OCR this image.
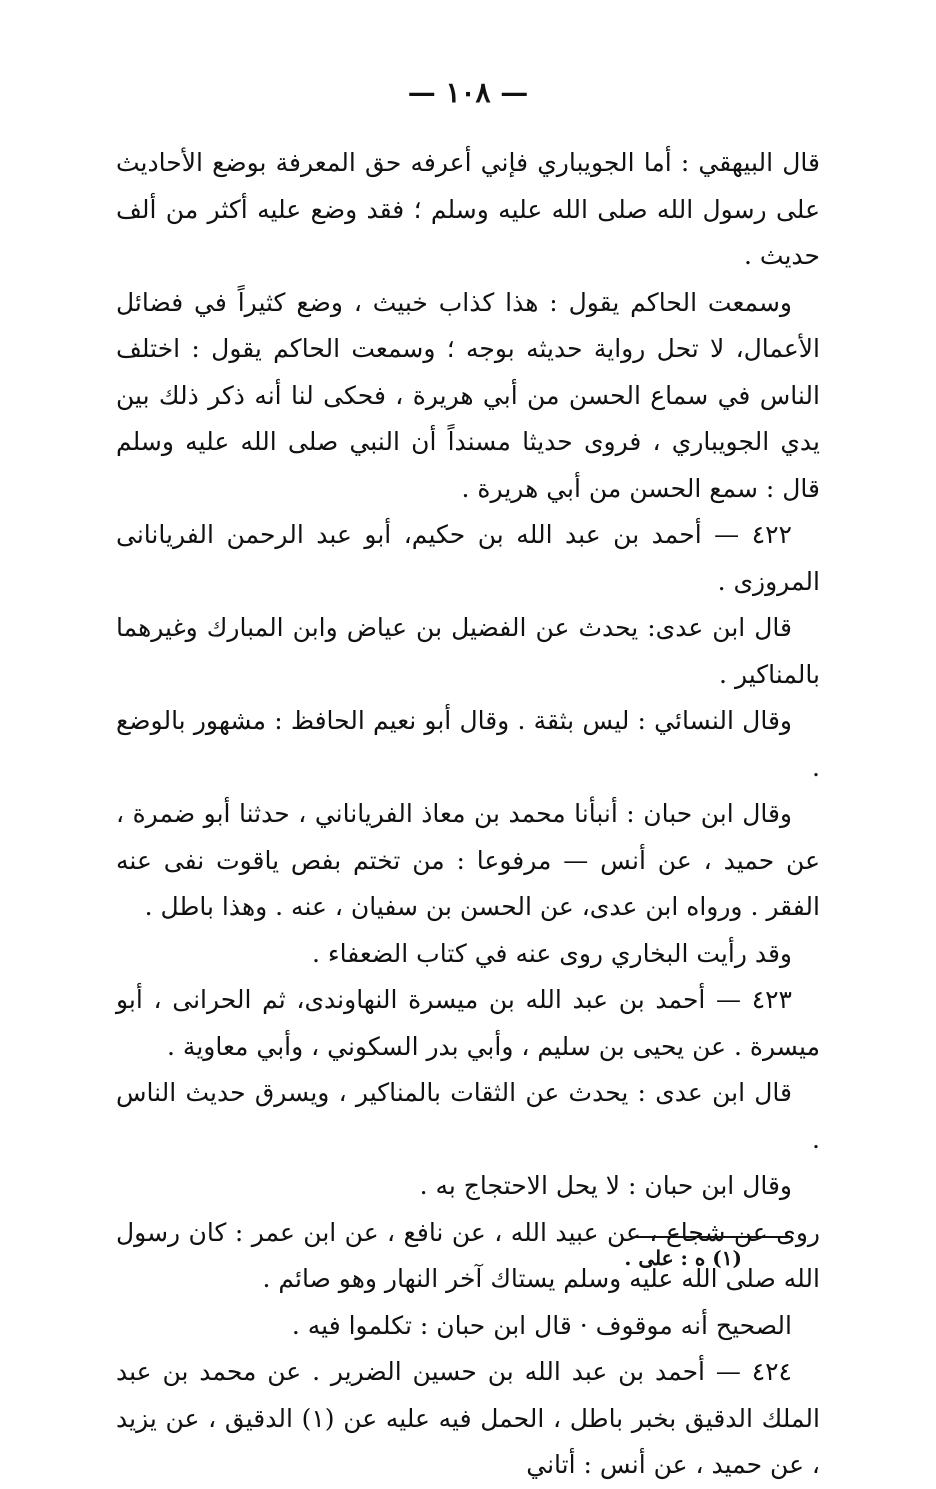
— ١٠٨ —

قال البيهقي : أما الجويباري فإني أعرفه حق المعرفة بوضع الأحاديث على رسول الله صلى الله عليه وسلم ؛ فقد وضع عليه أكثر من ألف حديث .

وسمعت الحاكم يقول : هذا كذاب خبيث ، وضع كثيراً في فضائل الأعمال، لا تحل رواية حديثه بوجه ؛ وسمعت الحاكم يقول : اختلف الناس في سماع الحسن من أبي هريرة ، فحكى لنا أنه ذكر ذلك بين يدي الجويباري ، فروى حديثا مسنداً أن النبي صلى الله عليه وسلم قال : سمع الحسن من أبي هريرة .

٤٢٢ — أحمد بن عبد الله بن حكيم، أبو عبد الرحمن الفريانانى المروزى .

قال ابن عدى: يحدث عن الفضيل بن عياض وابن المبارك وغيرهما بالمناكير .

وقال النسائي : ليس بثقة . وقال أبو نعيم الحافظ : مشهور بالوضع .

وقال ابن حبان : أنبأنا محمد بن معاذ الفرياناني ، حدثنا أبو ضمرة ، عن حميد ، عن أنس — مرفوعا : من تختم بفص ياقوت نفى عنه الفقر . ورواه ابن عدى، عن الحسن بن سفيان ، عنه . وهذا باطل .

وقد رأيت البخاري روى عنه في كتاب الضعفاء .

٤٢٣ — أحمد بن عبد الله بن ميسرة النهاوندى، ثم الحرانى ، أبو ميسرة . عن يحيى بن سليم ، وأبي بدر السكوني ، وأبي معاوية .

قال ابن عدى : يحدث عن الثقات بالمناكير ، ويسرق حديث الناس .

وقال ابن حبان : لا يحل الاحتجاج به .

روى عن شجاع ، عن عبيد الله ، عن نافع ، عن ابن عمر : كان رسول الله صلى الله عليه وسلم يستاك آخر النهار وهو صائم .

الصحيح أنه موقوف · قال ابن حبان : تكلموا فيه .

٤٢٤ — أحمد بن عبد الله بن حسين الضرير . عن محمد بن عبد الملك الدقيق بخبر باطل ، الحمل فيه عليه عن (١) الدقيق ، عن يزيد ، عن حميد ، عن أنس : أتاني

(١) ه : على .
